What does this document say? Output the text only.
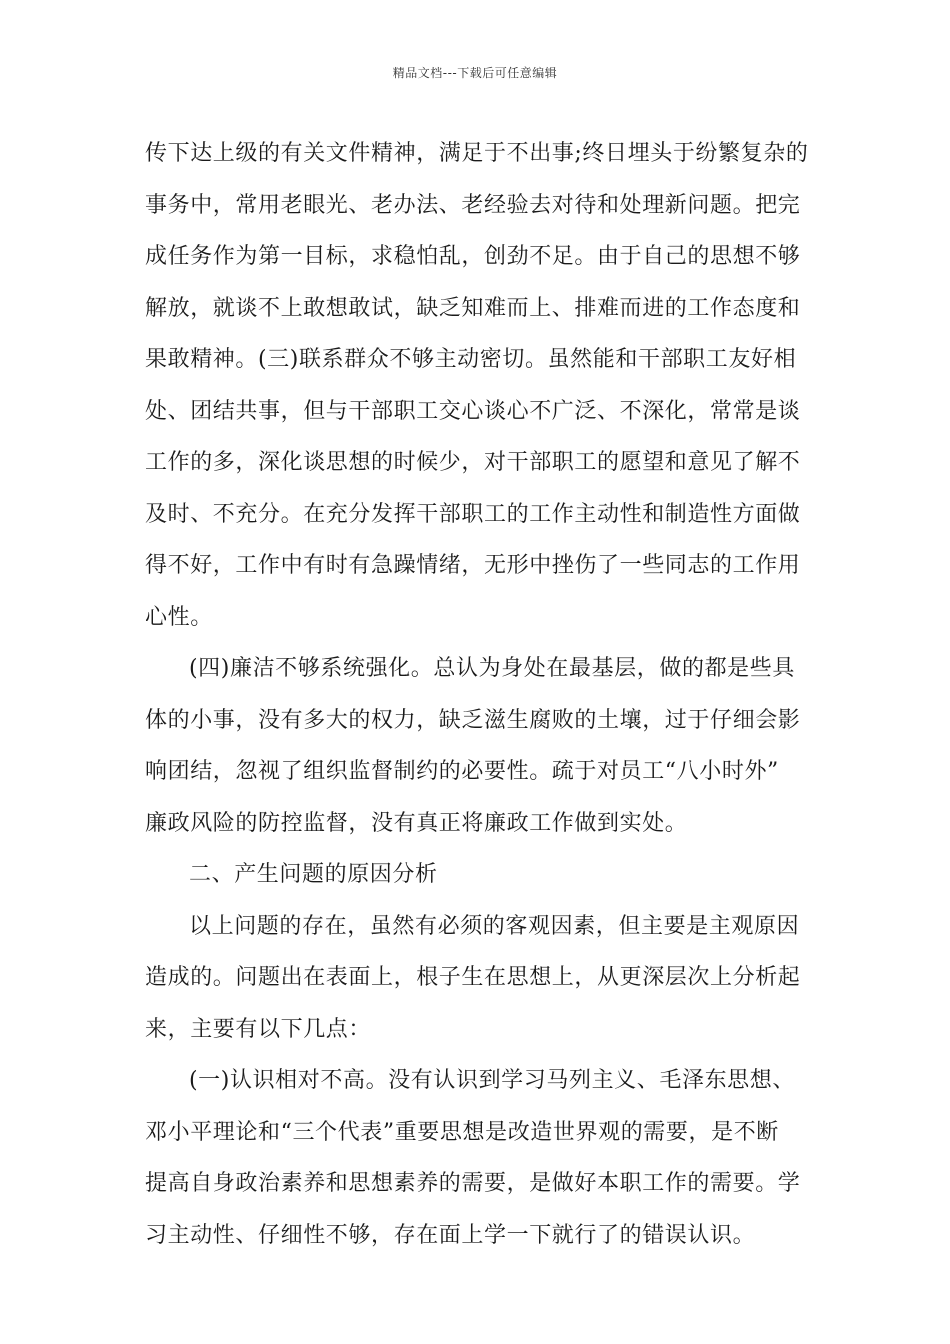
精品文档---下载后可任意编辑
传下达上级的有关文件精神，满足于不出事;终日埋头于纷繁复杂的
事务中，常用老眼光、老办法、老经验去对待和处理新问题。把完
成任务作为第一目标，求稳怕乱，创劲不足。由于自己的思想不够
解放，就谈不上敢想敢试，缺乏知难而上、排难而进的工作态度和
果敢精神。(三)联系群众不够主动密切。虽然能和干部职工友好相
处、团结共事，但与干部职工交心谈心不广泛、不深化，常常是谈
工作的多，深化谈思想的时候少，对干部职工的愿望和意见了解不
及时、不充分。在充分发挥干部职工的工作主动性和制造性方面做
得不好，工作中有时有急躁情绪，无形中挫伤了一些同志的工作用
心性。
(四)廉洁不够系统强化。总认为身处在最基层，做的都是些具
体的小事，没有多大的权力，缺乏滋生腐败的土壤，过于仔细会影
响团结，忽视了组织监督制约的必要性。疏于对员工“八小时外”
廉政风险的防控监督，没有真正将廉政工作做到实处。
二、产生问题的原因分析
以上问题的存在，虽然有必须的客观因素，但主要是主观原因
造成的。问题出在表面上，根子生在思想上，从更深层次上分析起
来，主要有以下几点：
(一)认识相对不高。没有认识到学习马列主义、毛泽东思想、
邓小平理论和“三个代表”重要思想是改造世界观的需要，是不断
提高自身政治素养和思想素养的需要，是做好本职工作的需要。学
习主动性、仔细性不够，存在面上学一下就行了的错误认识。
